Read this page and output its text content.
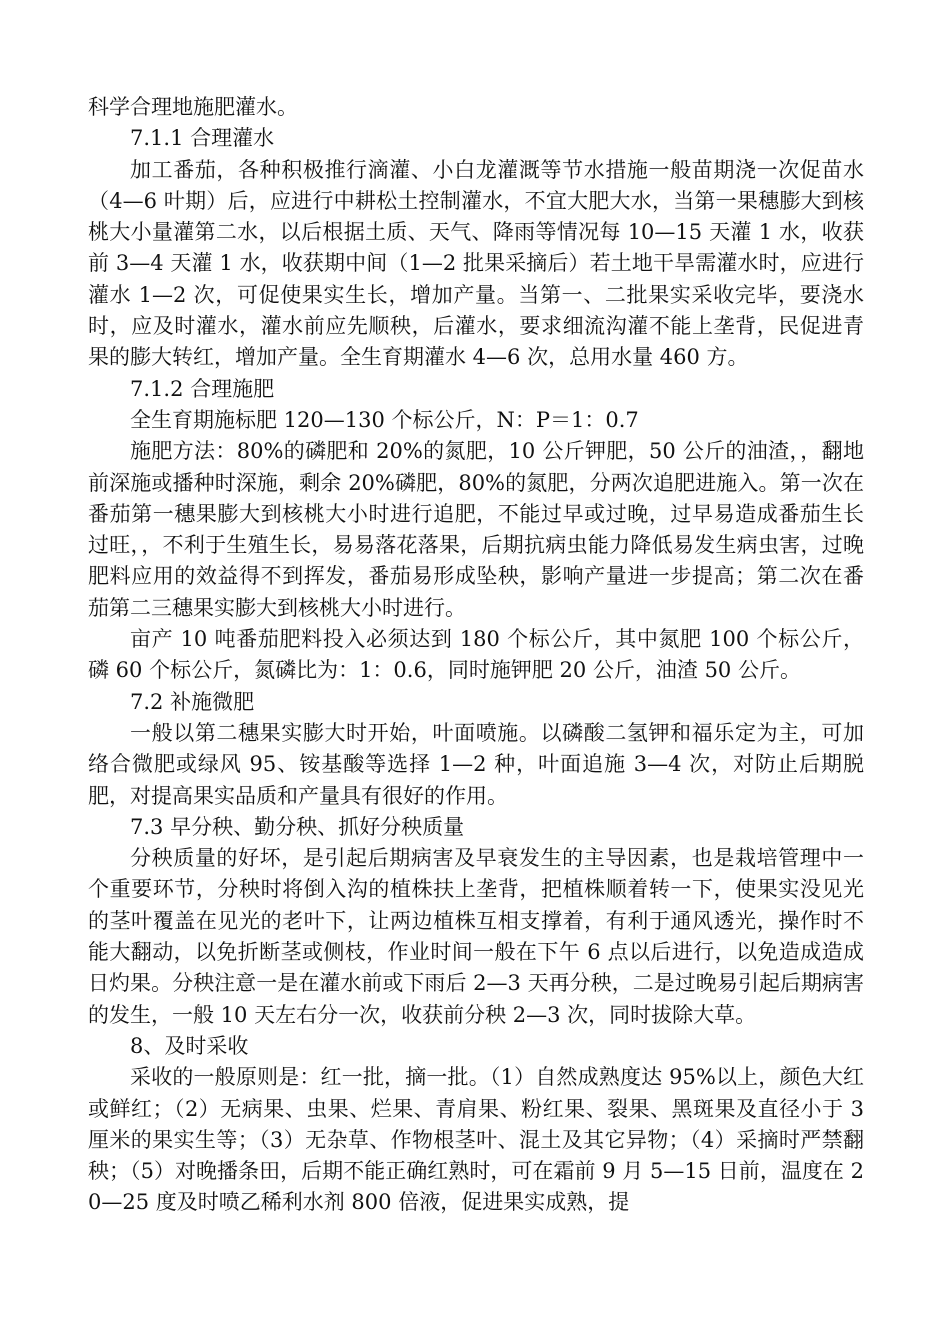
科学合理地施肥灌水。

7.1.1 合理灌水

加工番茄，各种积极推行滴灌、小白龙灌溉等节水措施一般苗期浇一次促苗水（4—6 叶期）后，应进行中耕松土控制灌水，不宜大肥大水，当第一果穗膨大到核桃大小量灌第二水，以后根据土质、天气、降雨等情况每 10—15 天灌 1 水，收获前 3—4 天灌 1 水，收获期中间（1—2 批果采摘后）若土地干旱需灌水时，应进行灌水 1—2 次，可促使果实生长，增加产量。当第一、二批果实采收完毕，要浇水时，应及时灌水，灌水前应先顺秧，后灌水，要求细流沟灌不能上垄背，民促进青果的膨大转红，增加产量。全生育期灌水 4—6 次，总用水量 460 方。

7.1.2 合理施肥

全生育期施标肥 120—130 个标公斤，N：P＝1：0.7

施肥方法：80%的磷肥和 20%的氮肥，10 公斤钾肥，50 公斤的油渣，，翻地前深施或播种时深施，剩余 20%磷肥，80%的氮肥，分两次追肥进施入。第一次在番茄第一穗果膨大到核桃大小时进行追肥，不能过早或过晚，过早易造成番茄生长过旺，，不利于生殖生长，易易落花落果，后期抗病虫能力降低易发生病虫害，过晚肥料应用的效益得不到挥发，番茄易形成坠秧，影响产量进一步提高；第二次在番茄第二三穗果实膨大到核桃大小时进行。

亩产 10 吨番茄肥料投入必须达到 180 个标公斤，其中氮肥 100 个标公斤，磷 60 个标公斤，氮磷比为：1：0.6，同时施钾肥 20 公斤，油渣 50 公斤。

7.2 补施微肥

一般以第二穗果实膨大时开始，叶面喷施。以磷酸二氢钾和福乐定为主，可加络合微肥或绿风 95、铵基酸等选择 1—2 种，叶面追施 3—4 次，对防止后期脱肥，对提高果实品质和产量具有很好的作用。

7.3 早分秧、勤分秧、抓好分秧质量

分秧质量的好坏，是引起后期病害及早衰发生的主导因素，也是栽培管理中一个重要环节，分秧时将倒入沟的植株扶上垄背，把植株顺着转一下，使果实没见光的茎叶覆盖在见光的老叶下，让两边植株互相支撑着，有利于通风透光，操作时不能大翻动，以免折断茎或侧枝，作业时间一般在下午 6 点以后进行，以免造成造成日灼果。分秧注意一是在灌水前或下雨后 2—3 天再分秧，二是过晚易引起后期病害的发生，一般 10 天左右分一次，收获前分秧 2—3 次，同时拔除大草。

8、及时采收

采收的一般原则是：红一批，摘一批。（1）自然成熟度达 95%以上，颜色大红或鲜红；（2）无病果、虫果、烂果、青肩果、粉红果、裂果、黑斑果及直径小于 3 厘米的果实生等；（3）无杂草、作物根茎叶、混土及其它异物；（4）采摘时严禁翻秧；（5）对晚播条田，后期不能正确红熟时，可在霜前 9 月 5—15 日前，温度在 20—25 度及时喷乙稀利水剂 800 倍液，促进果实成熟，提
